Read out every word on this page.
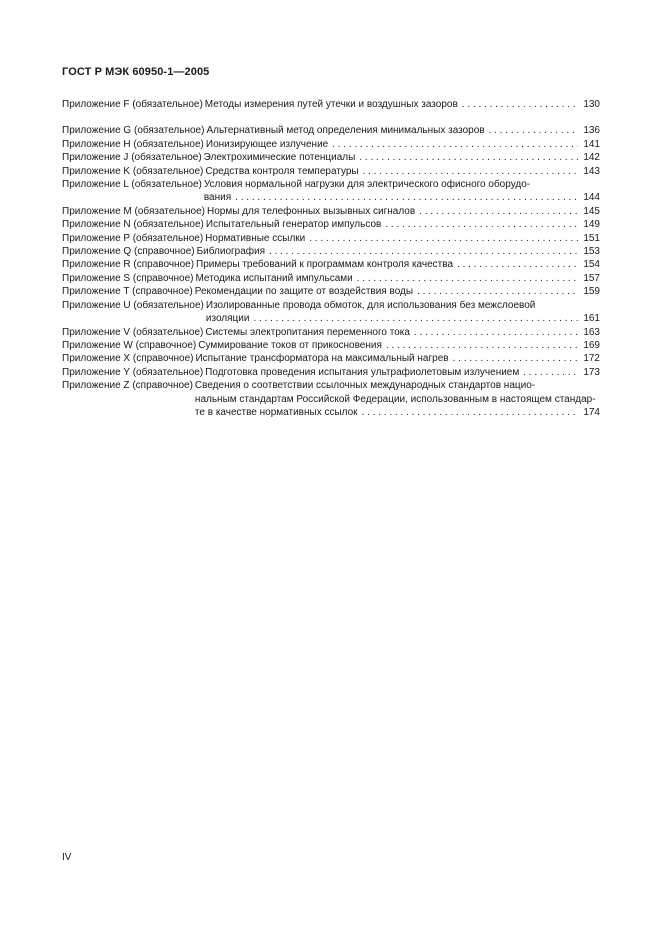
ГОСТ Р МЭК 60950-1—2005
Приложение F (обязательное) Методы измерения путей утечки и воздушных зазоров . . .	130
Приложение G (обязательное) Альтернативный метод определения минимальных зазоров . . .	136
Приложение H (обязательное) Ионизирующее излучение . . .	141
Приложение J (обязательное) Электрохимические потенциалы . . .	142
Приложение K (обязательное) Средства контроля температуры . . .	143
Приложение L (обязательное) Условия нормальной нагрузки для электрического офисного оборудо-
вания . . .	144
Приложение M (обязательное) Нормы для телефонных вызывных сигналов . . .	145
Приложение N (обязательное) Испытательный генератор импульсов . . .	149
Приложение P (обязательное) Нормативные ссылки . . .	151
Приложение Q (справочное) Библиография . . .	153
Приложение R (справочное) Примеры требований к программам контроля качества . . .	154
Приложение S (справочное) Методика испытаний импульсами . . .	157
Приложение T (справочное) Рекомендации по защите от воздействия воды . . .	159
Приложение U (обязательное) Изолированные провода обмоток, для использования без межслоевой
изоляции . . .	161
Приложение V (обязательное) Системы электропитания переменного тока . . .	163
Приложение W (справочное) Суммирование токов от прикосновения . . .	169
Приложение X (справочное) Испытание трансформатора на максимальный нагрев . . .	172
Приложение Y (обязательное) Подготовка проведения испытания ультрафиолетовым излучением . . .	173
Приложение Z (справочное) Сведения о соответствии ссылочных международных стандартов нацио-
нальным стандартам Российской Федерации, использованным в настоящем стандар-
те в качестве нормативных ссылок . . .	174
IV
